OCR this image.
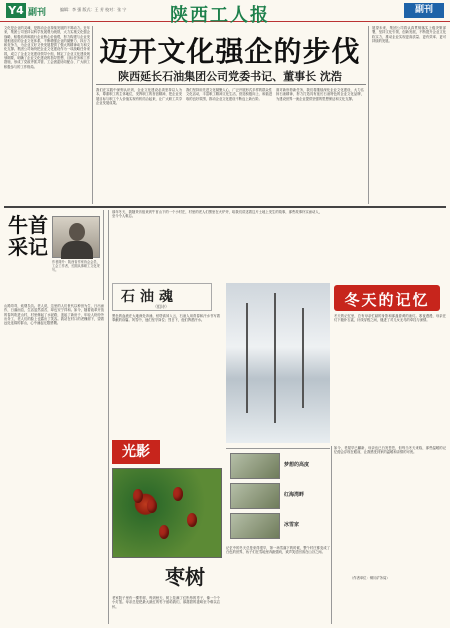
Y4 副刊	编辑：李 强 版式：王 芳 校对：张 宁	陕西工人报	副刊
文化是企业的灵魂，是推动企业持续发展的不竭动力。近年来，集团公司坚持以科学发展观为统领，大力实施文化强企战略，积极培育和践行企业核心价值观，努力构建与企业发展相适应的企业文化体系，不断增强企业的凝聚力、执行力和竞争力，为企业又好又快发展提供了强大的精神动力和文化支撑。集团公司始终把企业文化建设作为一项战略任务来抓，成立了企业文化建设领导小组，制定了企业文化建设规划纲要，明确了企业文化建设的指导思想、目标任务和工作措施，形成了党政齐抓共管、工会团委协同配合、广大职工积极参与的工作格局。	迈开文化强企的步伐
陕西延长石油集团公司党委书记、董事长 沈浩
我们在实践中深刻认识到，企业文化建设必须坚持以人为本，尊重职工的主体地位，发挥职工的首创精神，把企业发展目标与职工个人价值实现有机结合起来，让广大职工共享企业发展成果。
我们坚持用先进文化凝聚人心，广泛开展形式多样的群众性文化活动，丰富职工精神文化生活，营造积极向上、和谐进取的良好氛围，推动企业文化建设不断迈上新台阶。
面对新形势新任务，我们将继续深化企业文化建设，大力弘扬石油精神，努力打造具有延长石油特色的企业文化品牌，为建设世界一流企业提供坚强的思想保证和文化支撑。
展望未来，集团公司将认真贯彻落实上级决策部署，坚持文化引领，创新发展，不断提升企业文化软实力，推动企业实现更高质量、更有效率、更可持续的发展。
牛首采记
作者简介：陕西省作家协会会员，工会工作者，长期从事职工文化采写。
那年冬天，我随采访组来到牛首山下的一个小村庄，村里的老人们围坐在火炉旁，给我们讲述着这片土地上发生的故事，那些故事朴实而动人，至今令人难忘。
山路弯弯，炊烟袅袅。老人说，这里的人们世代以种田为生，日出而作，日落而息，生活虽然清苦，却也安宁祥和。如今，随着改革开放的春风吹进山村，村里修起了水泥路，盖起了新房子，年轻人纷纷外出务工，老人们的脸上也露出了笑容。我站在村口的老槐树下，望着远处连绵的群山，心中涌起无限感慨。
石油魂
（组诗）
黑色的血液在大地深处奔涌，钻塔高耸入云，石油人用青春和汗水书写着奉献的诗篇。风雪中，他们坚守岗位；烈日下，他们挥洒汗水。
冬天的记忆
冬天的记忆里，总有母亲忙碌的身影和那盏昏黄的油灯。寒夜漫漫，母亲在灯下缝补衣裳，针线穿梭之间，缝进了对儿女无尽的牵挂与深情。
光影
枣树
梦想的高度
红海湾畔
冰雪家
老家院子里有一棵枣树，每到秋天，树上挂满了红彤彤的枣子，像一个个小灯笼。母亲总是把最大最红的枣子留给我们，那甜甜的滋味至今难以忘怀。
记忆中的冬天总是来得很早，第一场雪落下的时候，整个村庄都变成了白色的世界，孩子们在雪地里奔跑嬉戏，欢声笑语回荡在山谷之间。
如今，老屋早已翻新，母亲也已白发苍苍，但每当冬天来临，那些温暖的记忆便会浮现在眼前，让我感受到家的温暖和亲情的可贵。
（作者单位：铜川矿务局）
